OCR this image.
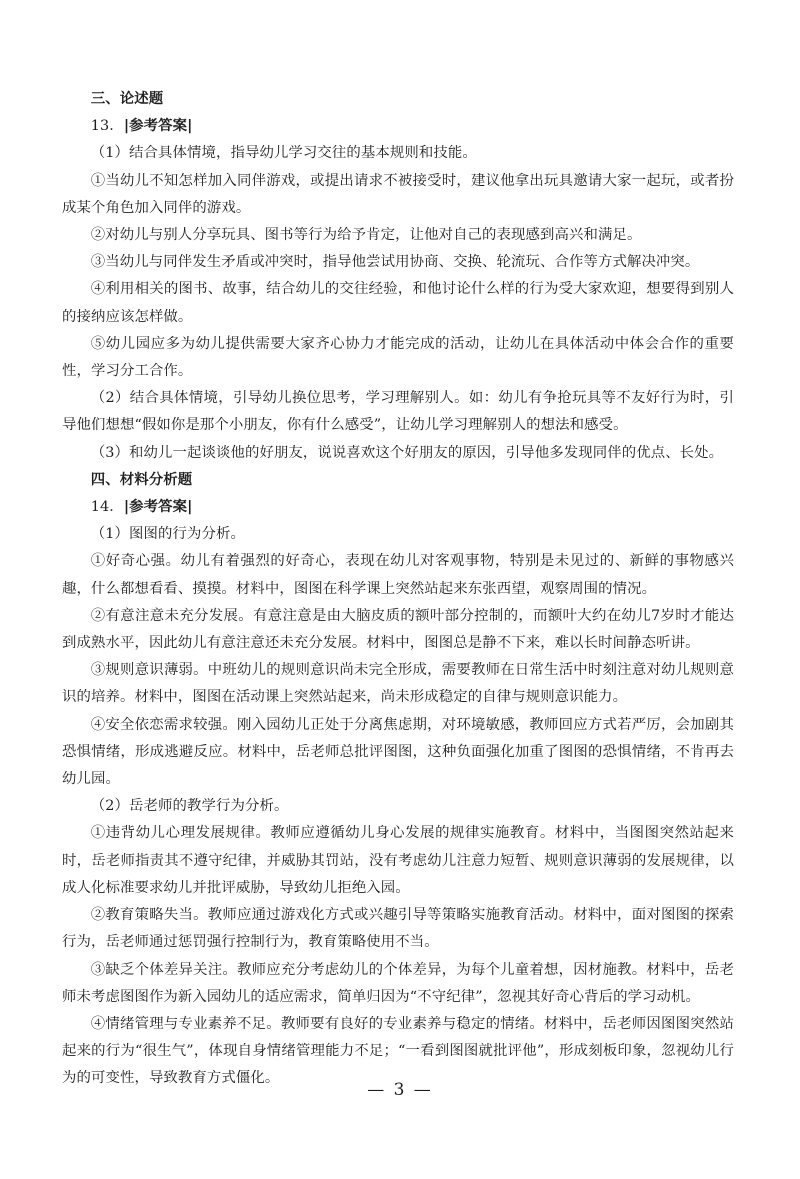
三、论述题

13．|参考答案|

（1）结合具体情境，指导幼儿学习交往的基本规则和技能。

①当幼儿不知怎样加入同伴游戏，或提出请求不被接受时，建议他拿出玩具邀请大家一起玩，或者扮成某个角色加入同伴的游戏。

②对幼儿与别人分享玩具、图书等行为给予肯定，让他对自己的表现感到高兴和满足。

③当幼儿与同伴发生矛盾或冲突时，指导他尝试用协商、交换、轮流玩、合作等方式解决冲突。

④利用相关的图书、故事，结合幼儿的交往经验，和他讨论什么样的行为受大家欢迎，想要得到别人的接纳应该怎样做。

⑤幼儿园应多为幼儿提供需要大家齐心协力才能完成的活动，让幼儿在具体活动中体会合作的重要性，学习分工合作。

（2）结合具体情境，引导幼儿换位思考，学习理解别人。如：幼儿有争抢玩具等不友好行为时，引导他们想想“假如你是那个小朋友，你有什么感受”，让幼儿学习理解别人的想法和感受。

（3）和幼儿一起谈谈他的好朋友，说说喜欢这个好朋友的原因，引导他多发现同伴的优点、长处。

四、材料分析题

14．|参考答案|

（1）图图的行为分析。

①好奇心强。幼儿有着强烈的好奇心，表现在幼儿对客观事物，特别是未见过的、新鲜的事物感兴趣，什么都想看看、摸摸。材料中，图图在科学课上突然站起来东张西望，观察周围的情况。

②有意注意未充分发展。有意注意是由大脑皮质的额叶部分控制的，而额叶大约在幼儿7岁时才能达到成熟水平，因此幼儿有意注意还未充分发展。材料中，图图总是静不下来，难以长时间静态听讲。

③规则意识薄弱。中班幼儿的规则意识尚未完全形成，需要教师在日常生活中时刻注意对幼儿规则意识的培养。材料中，图图在活动课上突然站起来，尚未形成稳定的自律与规则意识能力。

④安全依恋需求较强。刚入园幼儿正处于分离焦虑期，对环境敏感，教师回应方式若严厉，会加剧其恐惧情绪，形成逃避反应。材料中，岳老师总批评图图，这种负面强化加重了图图的恐惧情绪，不肯再去幼儿园。

（2）岳老师的教学行为分析。

①违背幼儿心理发展规律。教师应遵循幼儿身心发展的规律实施教育。材料中，当图图突然站起来时，岳老师指责其不遵守纪律，并威胁其罚站，没有考虑幼儿注意力短暂、规则意识薄弱的发展规律，以成人化标准要求幼儿并批评威胁，导致幼儿拒绝入园。

②教育策略失当。教师应通过游戏化方式或兴趣引导等策略实施教育活动。材料中，面对图图的探索行为，岳老师通过惩罚强行控制行为，教育策略使用不当。

③缺乏个体差异关注。教师应充分考虑幼儿的个体差异，为每个儿童着想，因材施教。材料中，岳老师未考虑图图作为新入园幼儿的适应需求，简单归因为“不守纪律”，忽视其好奇心背后的学习动机。

④情绪管理与专业素养不足。教师要有良好的专业素养与稳定的情绪。材料中，岳老师因图图突然站起来的行为“很生气”，体现自身情绪管理能力不足；“一看到图图就批评他”，形成刻板印象，忽视幼儿行为的可变性，导致教育方式僵化。

— 3 —
